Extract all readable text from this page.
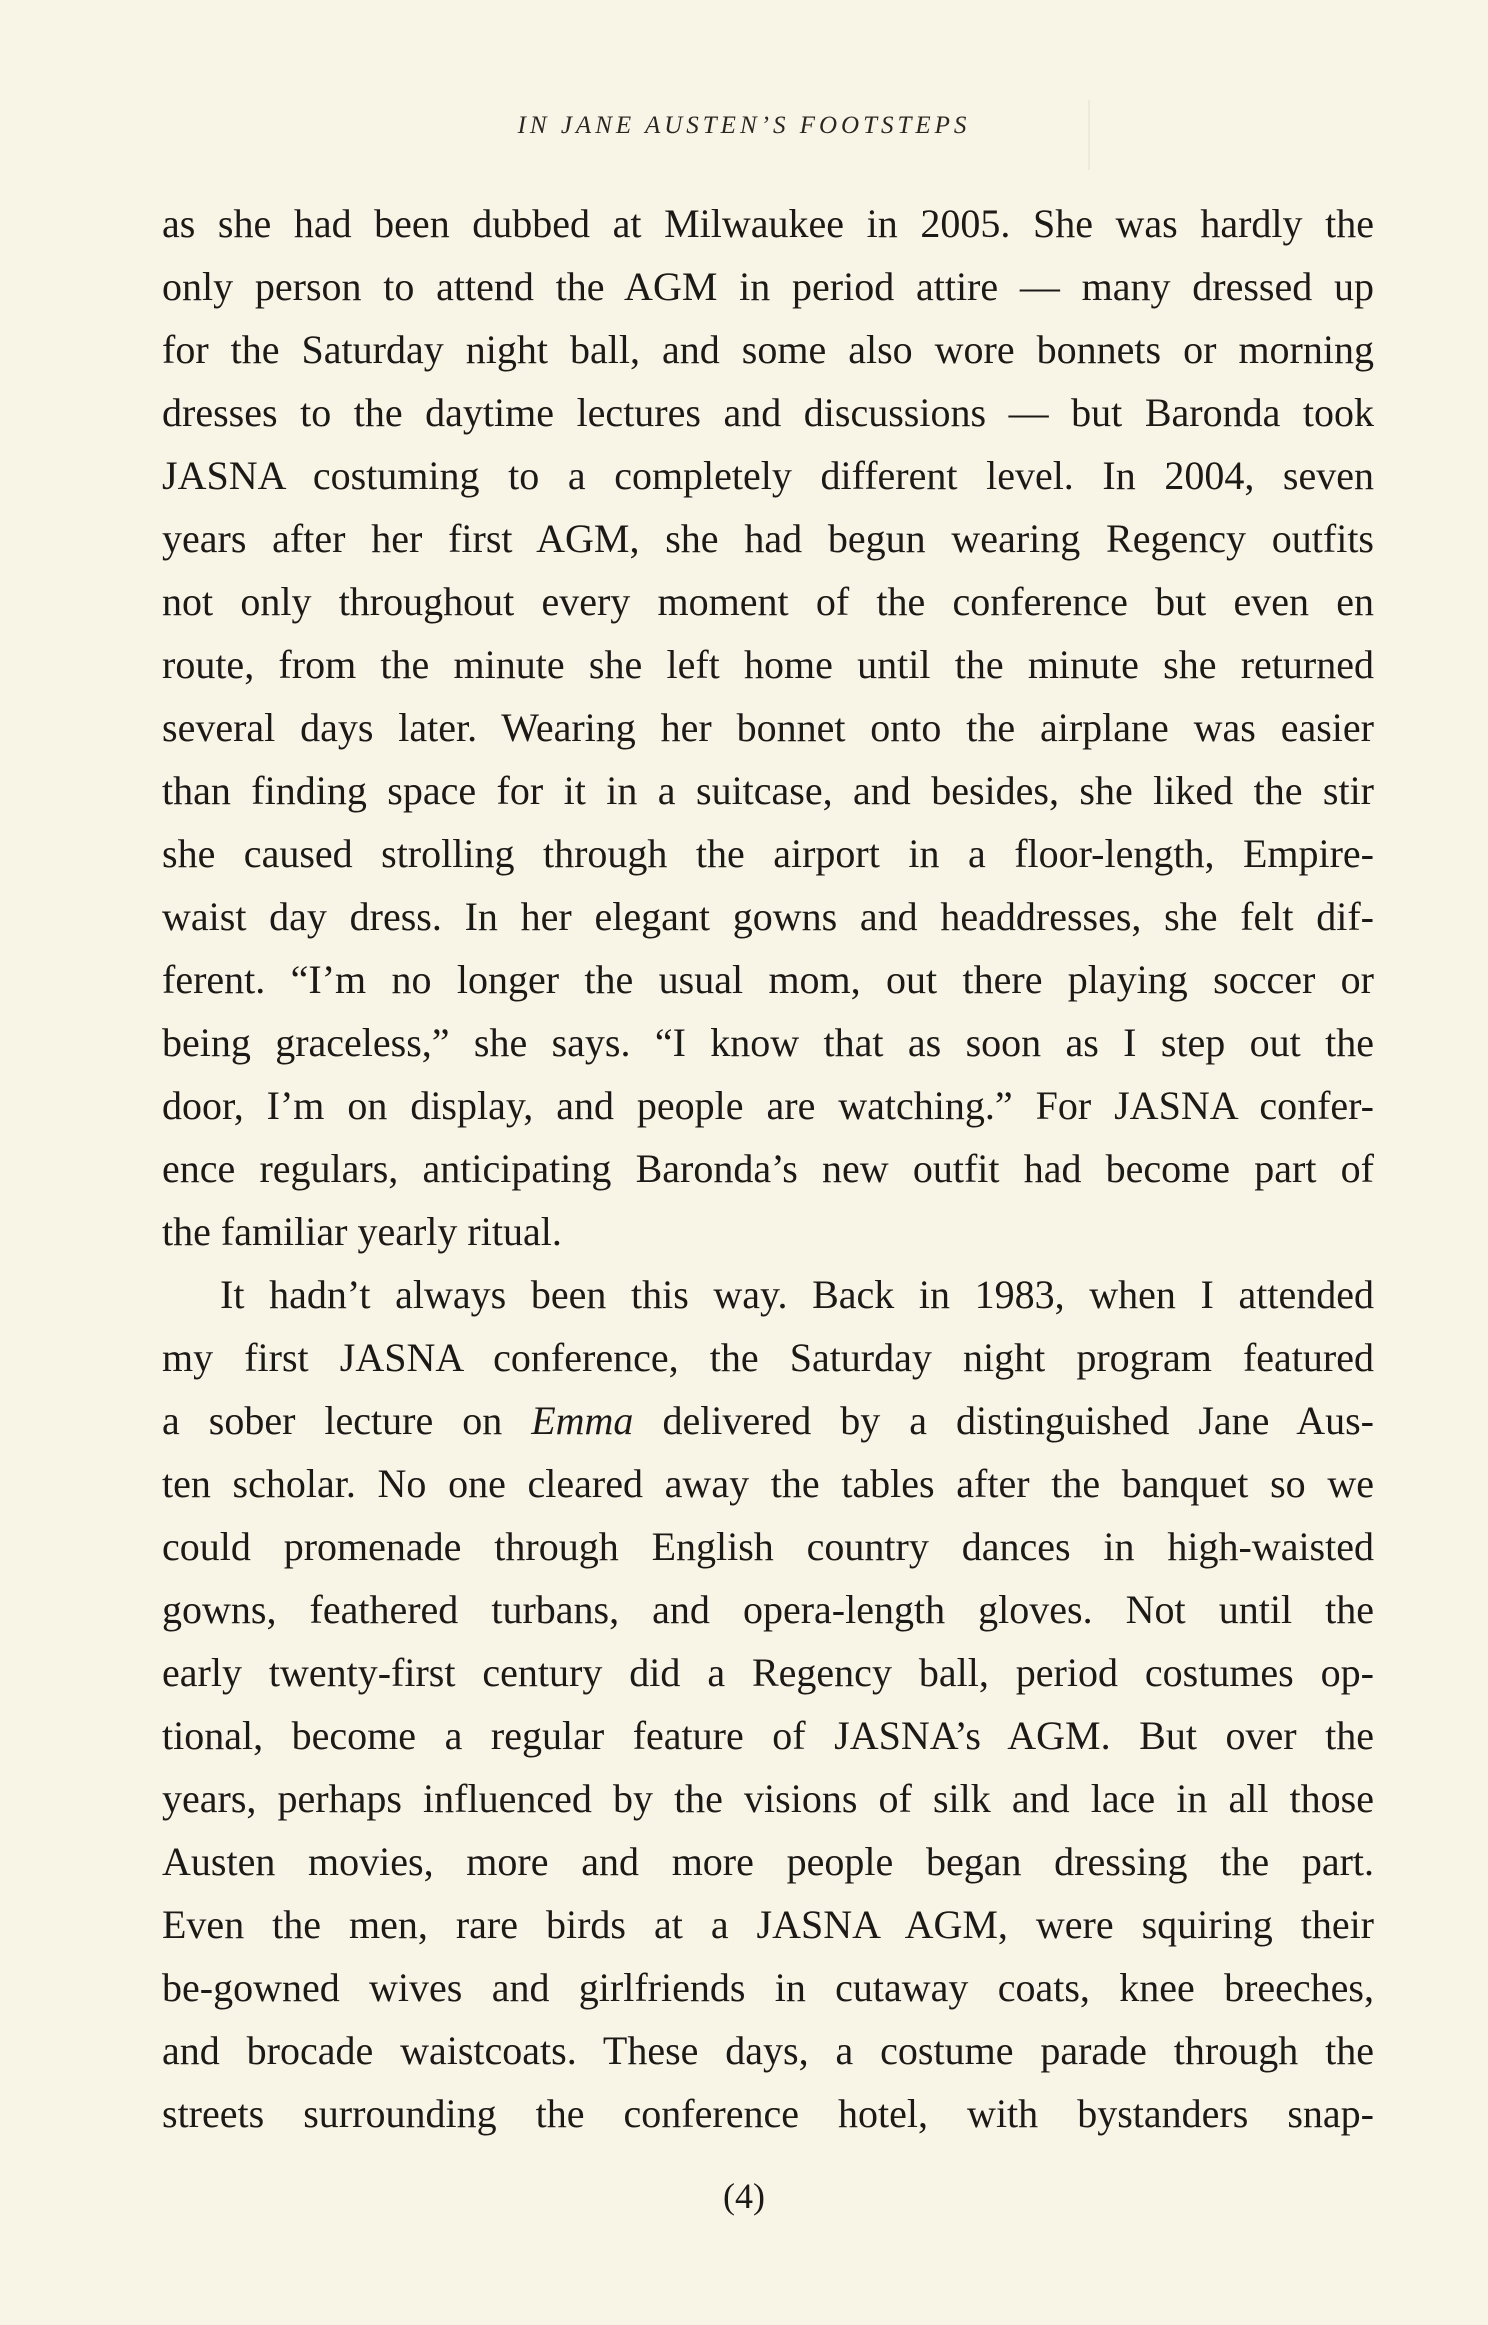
IN JANE AUSTEN’S FOOTSTEPS
as she had been dubbed at Milwaukee in 2005. She was hardly the
only person to attend the AGM in period attire — many dressed up
for the Saturday night ball, and some also wore bonnets or morning
dresses to the daytime lectures and discussions — but Baronda took
JASNA costuming to a completely different level. In 2004, seven
years after her first AGM, she had begun wearing Regency outfits
not only throughout every moment of the conference but even en
route, from the minute she left home until the minute she returned
several days later. Wearing her bonnet onto the airplane was easier
than finding space for it in a suitcase, and besides, she liked the stir
she caused strolling through the airport in a floor-length, Empire-
waist day dress. In her elegant gowns and headdresses, she felt dif-
ferent. “I’m no longer the usual mom, out there playing soccer or
being graceless,” she says. “I know that as soon as I step out the
door, I’m on display, and people are watching.” For JASNA confer-
ence regulars, anticipating Baronda’s new outfit had become part of
the familiar yearly ritual.
It hadn’t always been this way. Back in 1983, when I attended
my first JASNA conference, the Saturday night program featured
a sober lecture on Emma delivered by a distinguished Jane Aus-
ten scholar. No one cleared away the tables after the banquet so we
could promenade through English country dances in high-waisted
gowns, feathered turbans, and opera-length gloves. Not until the
early twenty-first century did a Regency ball, period costumes op-
tional, become a regular feature of JASNA’s AGM. But over the
years, perhaps influenced by the visions of silk and lace in all those
Austen movies, more and more people began dressing the part.
Even the men, rare birds at a JASNA AGM, were squiring their
be-gowned wives and girlfriends in cutaway coats, knee breeches,
and brocade waistcoats. These days, a costume parade through the
streets surrounding the conference hotel, with bystanders snap-
(4)
